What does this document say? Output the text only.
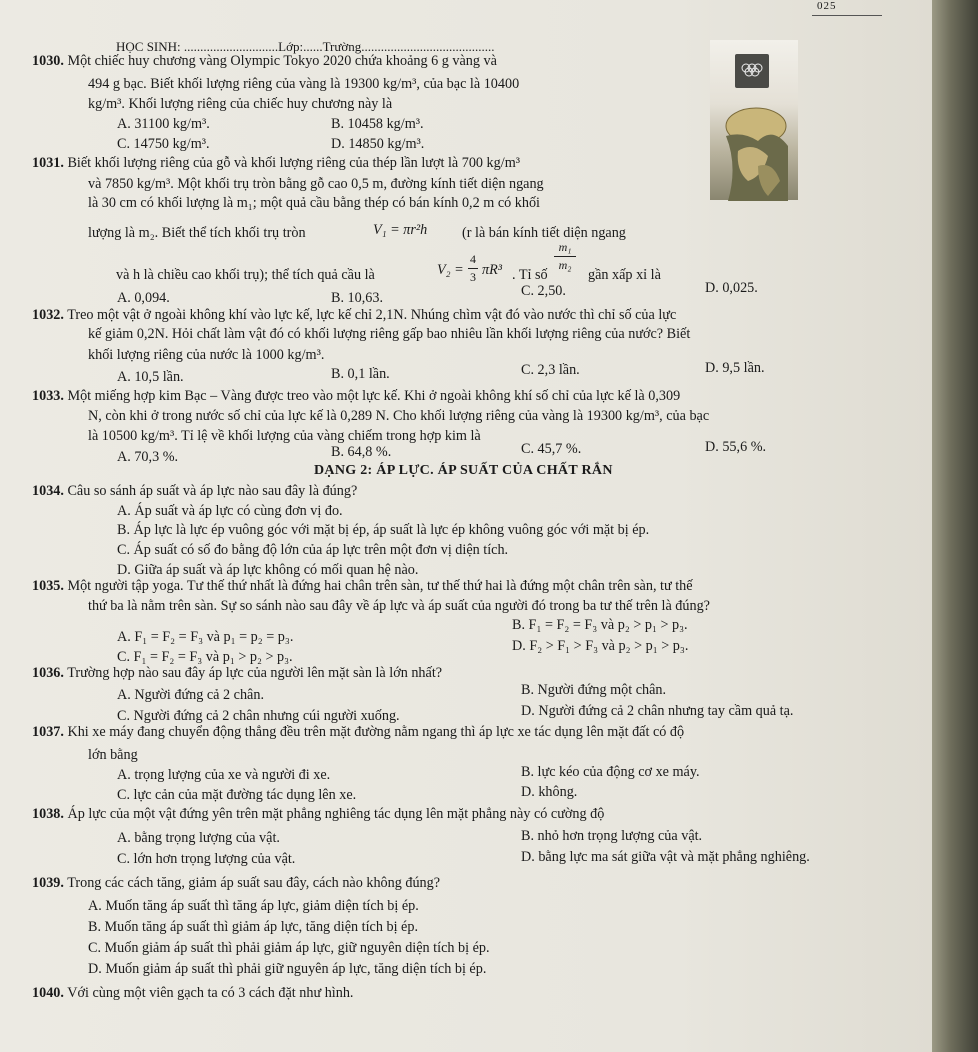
025
HỌC SINH: .............................Lớp:......Trường.........................................
1030. Một chiếc huy chương vàng Olympic Tokyo 2020 chứa khoảng 6 g vàng và
494 g bạc. Biết khối lượng riêng của vàng là 19300 kg/m³, của bạc là 10400
kg/m³. Khối lượng riêng của chiếc huy chương này là
A. 31100 kg/m³.	B. 10458 kg/m³.
C. 14750 kg/m³.	D. 14850 kg/m³.
1031. Biết khối lượng riêng của gỗ và khối lượng riêng của thép lần lượt là 700 kg/m³
và 7850 kg/m³. Một khối trụ tròn bằng gỗ cao 0,5 m, đường kính tiết diện ngang
là 30 cm có khối lượng là m₁; một quả cầu bằng thép có bán kính 0,2 m có khối
lượng là m₂. Biết thể tích khối trụ tròn	V₁ = πr²h (r là bán kính tiết diện ngang
và h là chiều cao khối trụ); thể tích quả cầu là	V₂ =
4
3 πR³ . Tỉ số
m₁
m₂
gần xấp xỉ là
A. 0,094.	B. 10,63.	C. 2,50.	D. 0,025.
1032. Treo một vật ở ngoài không khí vào lực kế, lực kế chỉ 2,1N. Nhúng chìm vật đó vào nước thì chỉ số của lực
kế giảm 0,2N. Hỏi chất làm vật đó có khối lượng riêng gấp bao nhiêu lần khối lượng riêng của nước? Biết
khối lượng riêng của nước là 1000 kg/m³.
A. 10,5 lần.	B. 0,1 lần.	C. 2,3 lần.	D. 9,5 lần.
1033. Một miếng hợp kim Bạc – Vàng được treo vào một lực kế. Khi ở ngoài không khí số chỉ của lực kế là 0,309
N, còn khi ở trong nước số chỉ của lực kế là 0,289 N. Cho khối lượng riêng của vàng là 19300 kg/m³, của bạc
là 10500 kg/m³. Tỉ lệ về khối lượng của vàng chiếm trong hợp kim là
A. 70,3 %.	B. 64,8 %.	C. 45,7 %.	D. 55,6 %.
DẠNG 2: ÁP LỰC. ÁP SUẤT CỦA CHẤT RẮN
1034. Câu so sánh áp suất và áp lực nào sau đây là đúng?
A. Áp suất và áp lực có cùng đơn vị đo.
B. Áp lực là lực ép vuông góc với mặt bị ép, áp suất là lực ép không vuông góc với mặt bị ép.
C. Áp suất có số đo bằng độ lớn của áp lực trên một đơn vị diện tích.
D. Giữa áp suất và áp lực không có mối quan hệ nào.
1035. Một người tập yoga. Tư thế thứ nhất là đứng hai chân trên sàn, tư thế thứ hai là đứng một chân trên sàn, tư thế
thứ ba là nằm trên sàn. Sự so sánh nào sau đây về áp lực và áp suất của người đó trong ba tư thế trên là đúng?
A. F₁ = F₂ = F₃ và p₁ = p₂ = p₃.
B. F₁ = F₂ = F₃ và p₂ > p₁ > p₃.
C. F₁ = F₂ = F₃ và p₁ > p₂ > p₃.
D. F₂ > F₁ > F₃ và p₂ > p₁ > p₃.
1036. Trường hợp nào sau đây áp lực của người lên mặt sàn là lớn nhất?
A. Người đứng cả 2 chân.	B. Người đứng một chân.
C. Người đứng cả 2 chân nhưng cúi người xuống.	D. Người đứng cả 2 chân nhưng tay cầm quả tạ.
1037. Khi xe máy đang chuyển động thẳng đều trên mặt đường nằm ngang thì áp lực xe tác dụng lên mặt đất có độ
lớn bằng
A. trọng lượng của xe và người đi xe.	B. lực kéo của động cơ xe máy.
C. lực cản của mặt đường tác dụng lên xe.	D. không.
1038. Áp lực của một vật đứng yên trên mặt phẳng nghiêng tác dụng lên mặt phẳng này có cường độ
A. bằng trọng lượng của vật.	B. nhỏ hơn trọng lượng của vật.
C. lớn hơn trọng lượng của vật.	D. bằng lực ma sát giữa vật và mặt phẳng nghiêng.
1039. Trong các cách tăng, giảm áp suất sau đây, cách nào không đúng?
A. Muốn tăng áp suất thì tăng áp lực, giảm diện tích bị ép.
B. Muốn tăng áp suất thì giảm áp lực, tăng diện tích bị ép.
C. Muốn giảm áp suất thì phải giảm áp lực, giữ nguyên diện tích bị ép.
D. Muốn giảm áp suất thì phải giữ nguyên áp lực, tăng diện tích bị ép.
1040. Với cùng một viên gạch ta có 3 cách đặt như hình.
